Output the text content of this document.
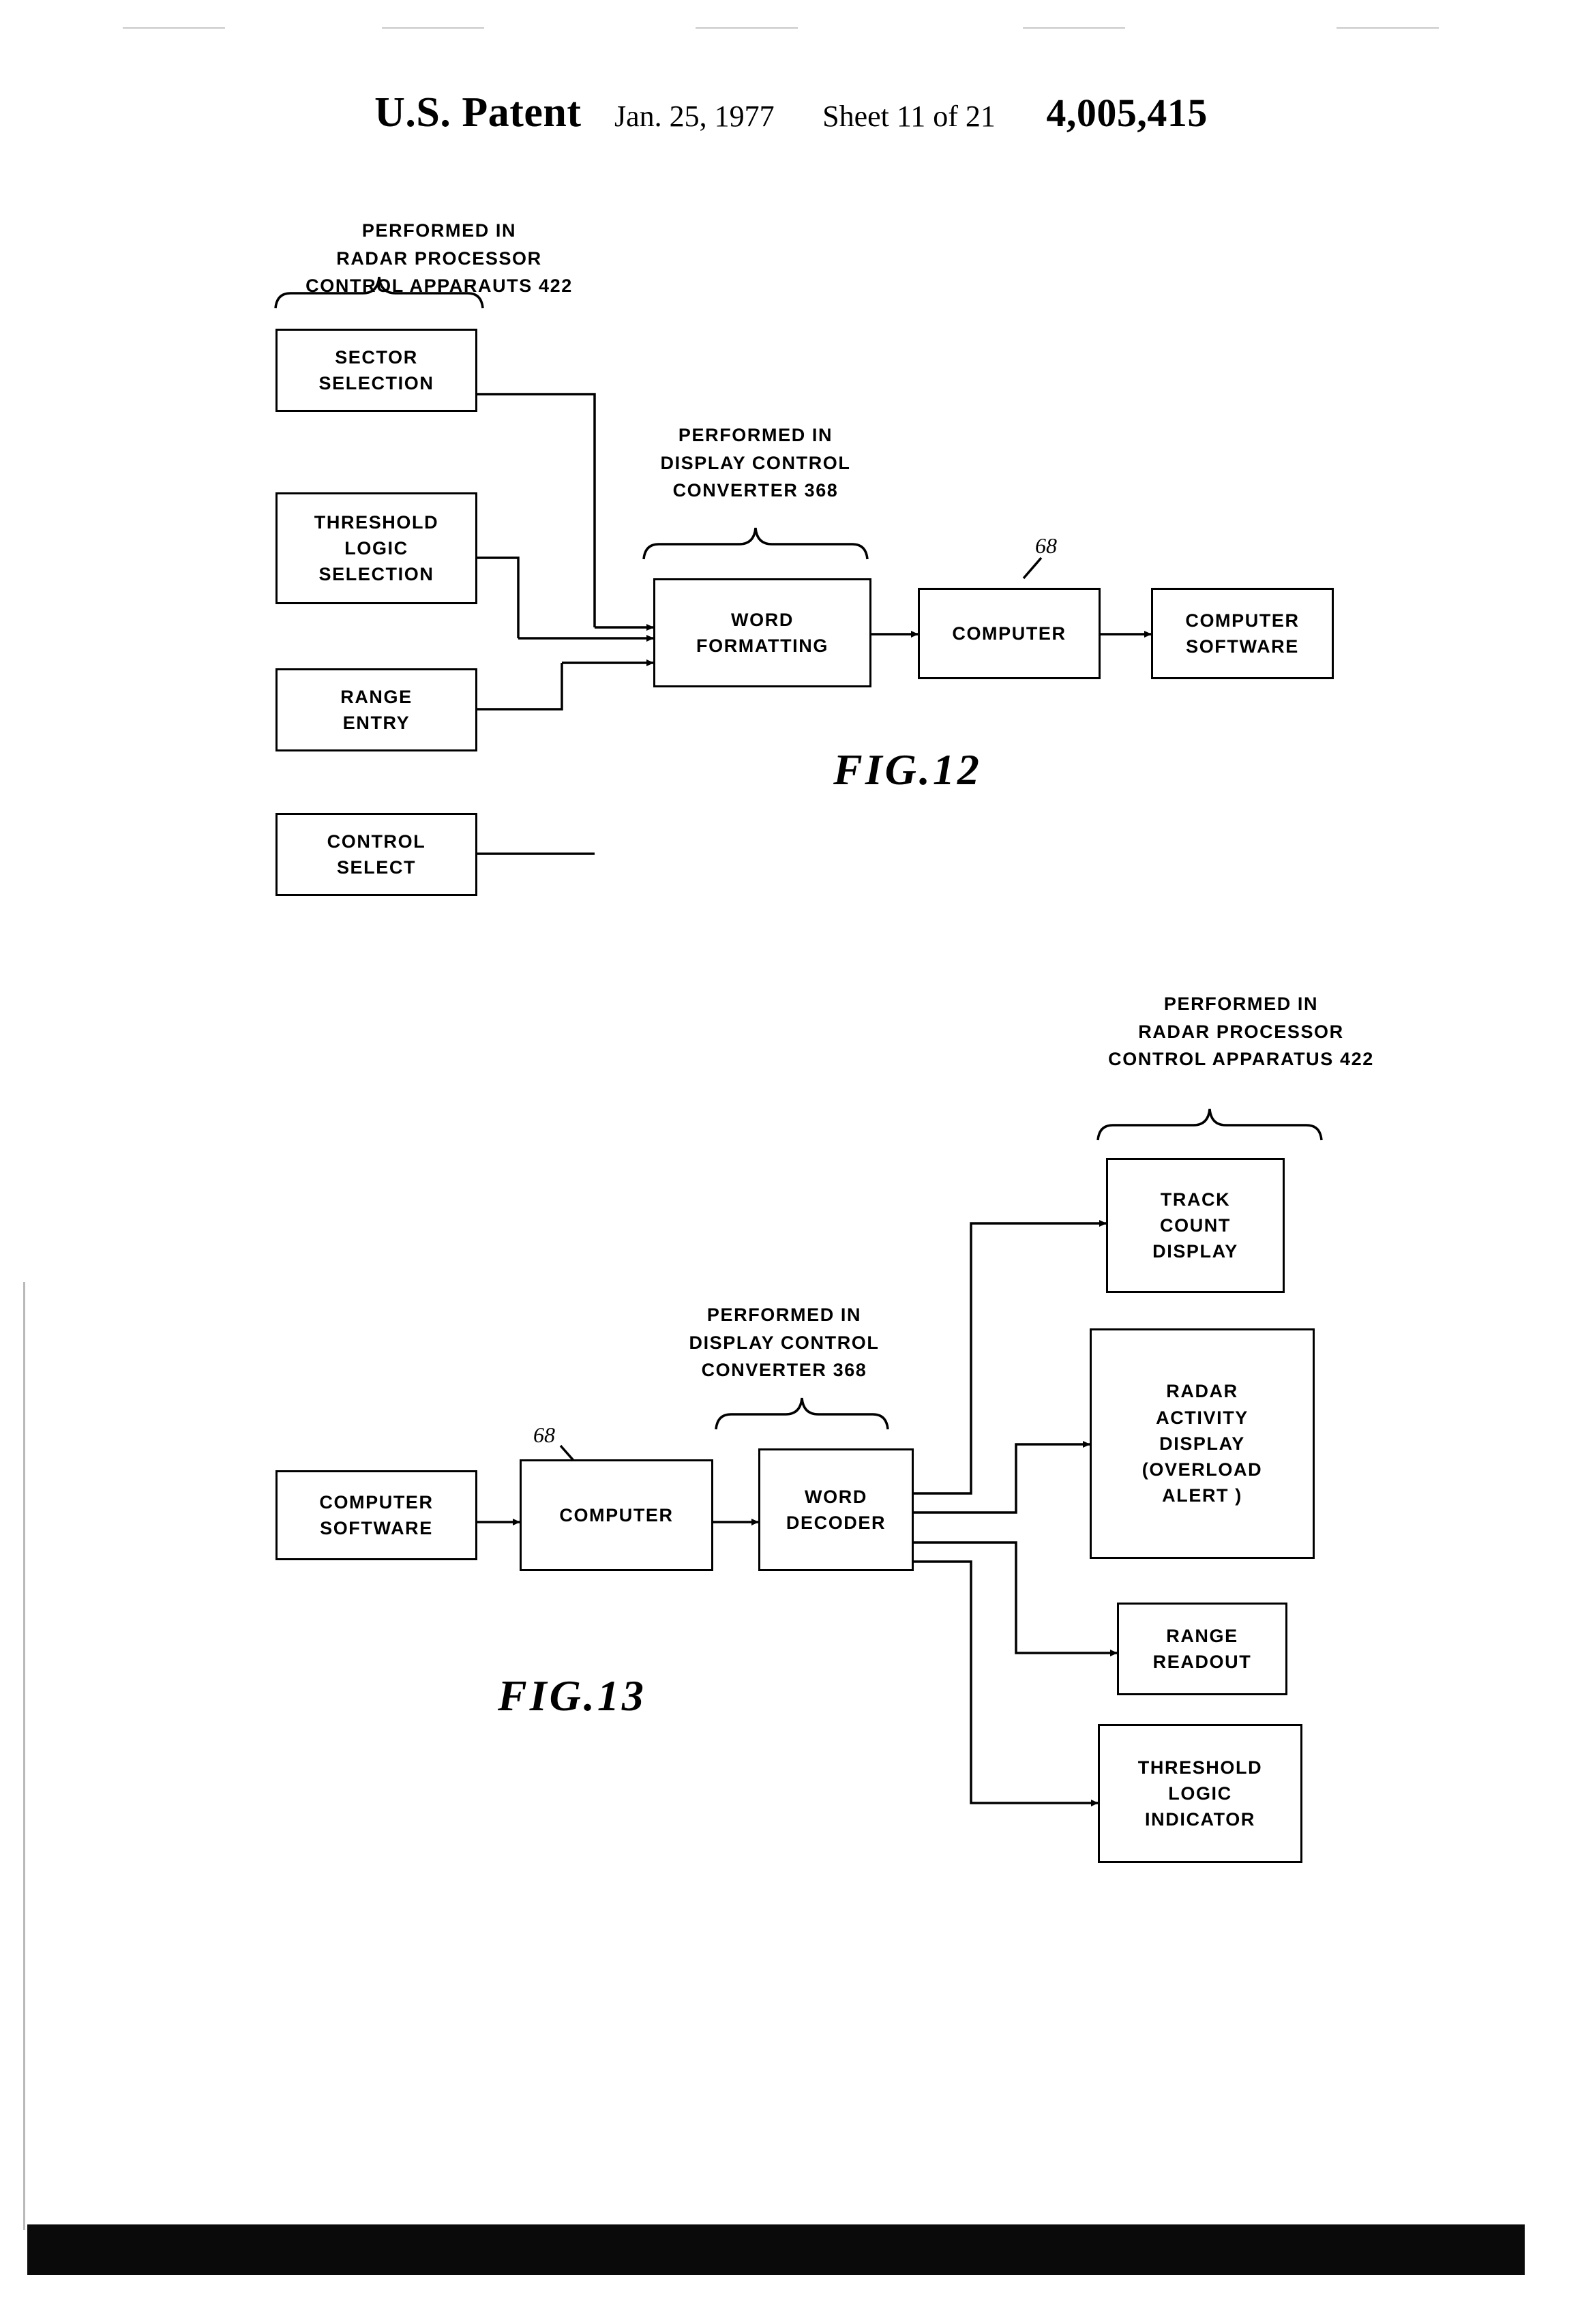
U.S. Patent Jan. 25, 1977 Sheet 11 of 21 4,005,415
PERFORMED IN
RADAR PROCESSOR
CONTROL APPARAUTS 422
PERFORMED IN
DISPLAY CONTROL
CONVERTER 368
SECTOR
SELECTION
THRESHOLD
LOGIC
SELECTION
RANGE
ENTRY
CONTROL
SELECT
WORD
FORMATTING
COMPUTER
COMPUTER
SOFTWARE
68
FIG.12
PERFORMED IN
RADAR PROCESSOR
CONTROL APPARATUS 422
PERFORMED IN
DISPLAY CONTROL
CONVERTER 368
COMPUTER
SOFTWARE
COMPUTER
WORD
DECODER
TRACK
COUNT
DISPLAY
RADAR
ACTIVITY
DISPLAY
(OVERLOAD
ALERT )
RANGE
READOUT
THRESHOLD
LOGIC
INDICATOR
68
FIG.13
